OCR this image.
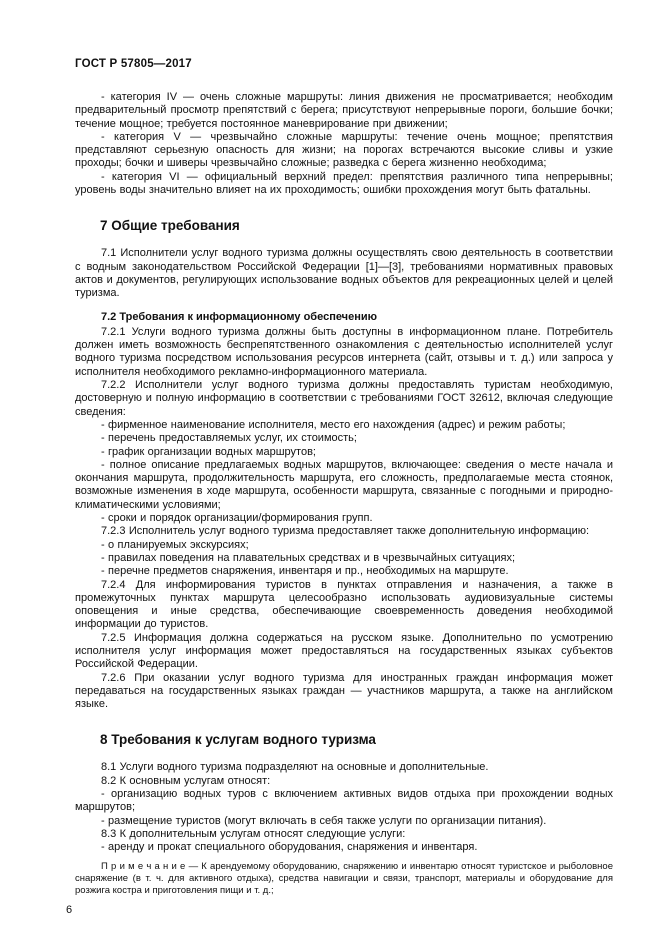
ГОСТ Р 57805—2017

- категория IV — очень сложные маршруты: линия движения не просматривается; необходим предварительный просмотр препятствий с берега; присутствуют непрерывные пороги, большие бочки; течение мощное; требуется постоянное маневрирование при движении;

- категория V — чрезвычайно сложные маршруты: течение очень мощное; препятствия представляют серьезную опасность для жизни; на порогах встречаются высокие сливы и узкие проходы; бочки и шиверы чрезвычайно сложные; разведка с берега жизненно необходима;

- категория VI — официальный верхний предел: препятствия различного типа непрерывны; уровень воды значительно влияет на их проходимость; ошибки прохождения могут быть фатальны.

7 Общие требования

7.1 Исполнители услуг водного туризма должны осуществлять свою деятельность в соответствии с водным законодательством Российской Федерации [1]—[3], требованиями нормативных правовых актов и документов, регулирующих использование водных объектов для рекреационных целей и целей туризма.

7.2 Требования к информационному обеспечению

7.2.1 Услуги водного туризма должны быть доступны в информационном плане. Потребитель должен иметь возможность беспрепятственного ознакомления с деятельностью исполнителей услуг водного туризма посредством использования ресурсов интернета (сайт, отзывы и т. д.) или запроса у исполнителя необходимого рекламно-информационного материала.

7.2.2 Исполнители услуг водного туризма должны предоставлять туристам необходимую, достоверную и полную информацию в соответствии с требованиями ГОСТ 32612, включая следующие сведения:

- фирменное наименование исполнителя, место его нахождения (адрес) и режим работы;

- перечень предоставляемых услуг, их стоимость;

- график организации водных маршрутов;

- полное описание предлагаемых водных маршрутов, включающее: сведения о месте начала и окончания маршрута, продолжительность маршрута, его сложность, предполагаемые места стоянок, возможные изменения в ходе маршрута, особенности маршрута, связанные с погодными и природно-климатическими условиями;

- сроки и порядок организации/формирования групп.

7.2.3 Исполнитель услуг водного туризма предоставляет также дополнительную информацию:

- о планируемых экскурсиях;

- правилах поведения на плавательных средствах и в чрезвычайных ситуациях;

- перечне предметов снаряжения, инвентаря и пр., необходимых на маршруте.

7.2.4 Для информирования туристов в пунктах отправления и назначения, а также в промежуточных пунктах маршрута целесообразно использовать аудиовизуальные системы оповещения и иные средства, обеспечивающие своевременность доведения необходимой информации до туристов.

7.2.5 Информация должна содержаться на русском языке. Дополнительно по усмотрению исполнителя услуг информация может предоставляться на государственных языках субъектов Российской Федерации.

7.2.6 При оказании услуг водного туризма для иностранных граждан информация может передаваться на государственных языках граждан — участников маршрута, а также на английском языке.

8 Требования к услугам водного туризма

8.1 Услуги водного туризма подразделяют на основные и дополнительные.

8.2 К основным услугам относят:

- организацию водных туров с включением активных видов отдыха при прохождении водных маршрутов;

- размещение туристов (могут включать в себя также услуги по организации питания).

8.3 К дополнительным услугам относят следующие услуги:

- аренду и прокат специального оборудования, снаряжения и инвентаря.

П р и м е ч а н и е — К арендуемому оборудованию, снаряжению и инвентарю относят туристское и рыболовное снаряжение (в т. ч. для активного отдыха), средства навигации и связи, транспорт, материалы и оборудование для розжига костра и приготовления пищи и т. д.;

6
